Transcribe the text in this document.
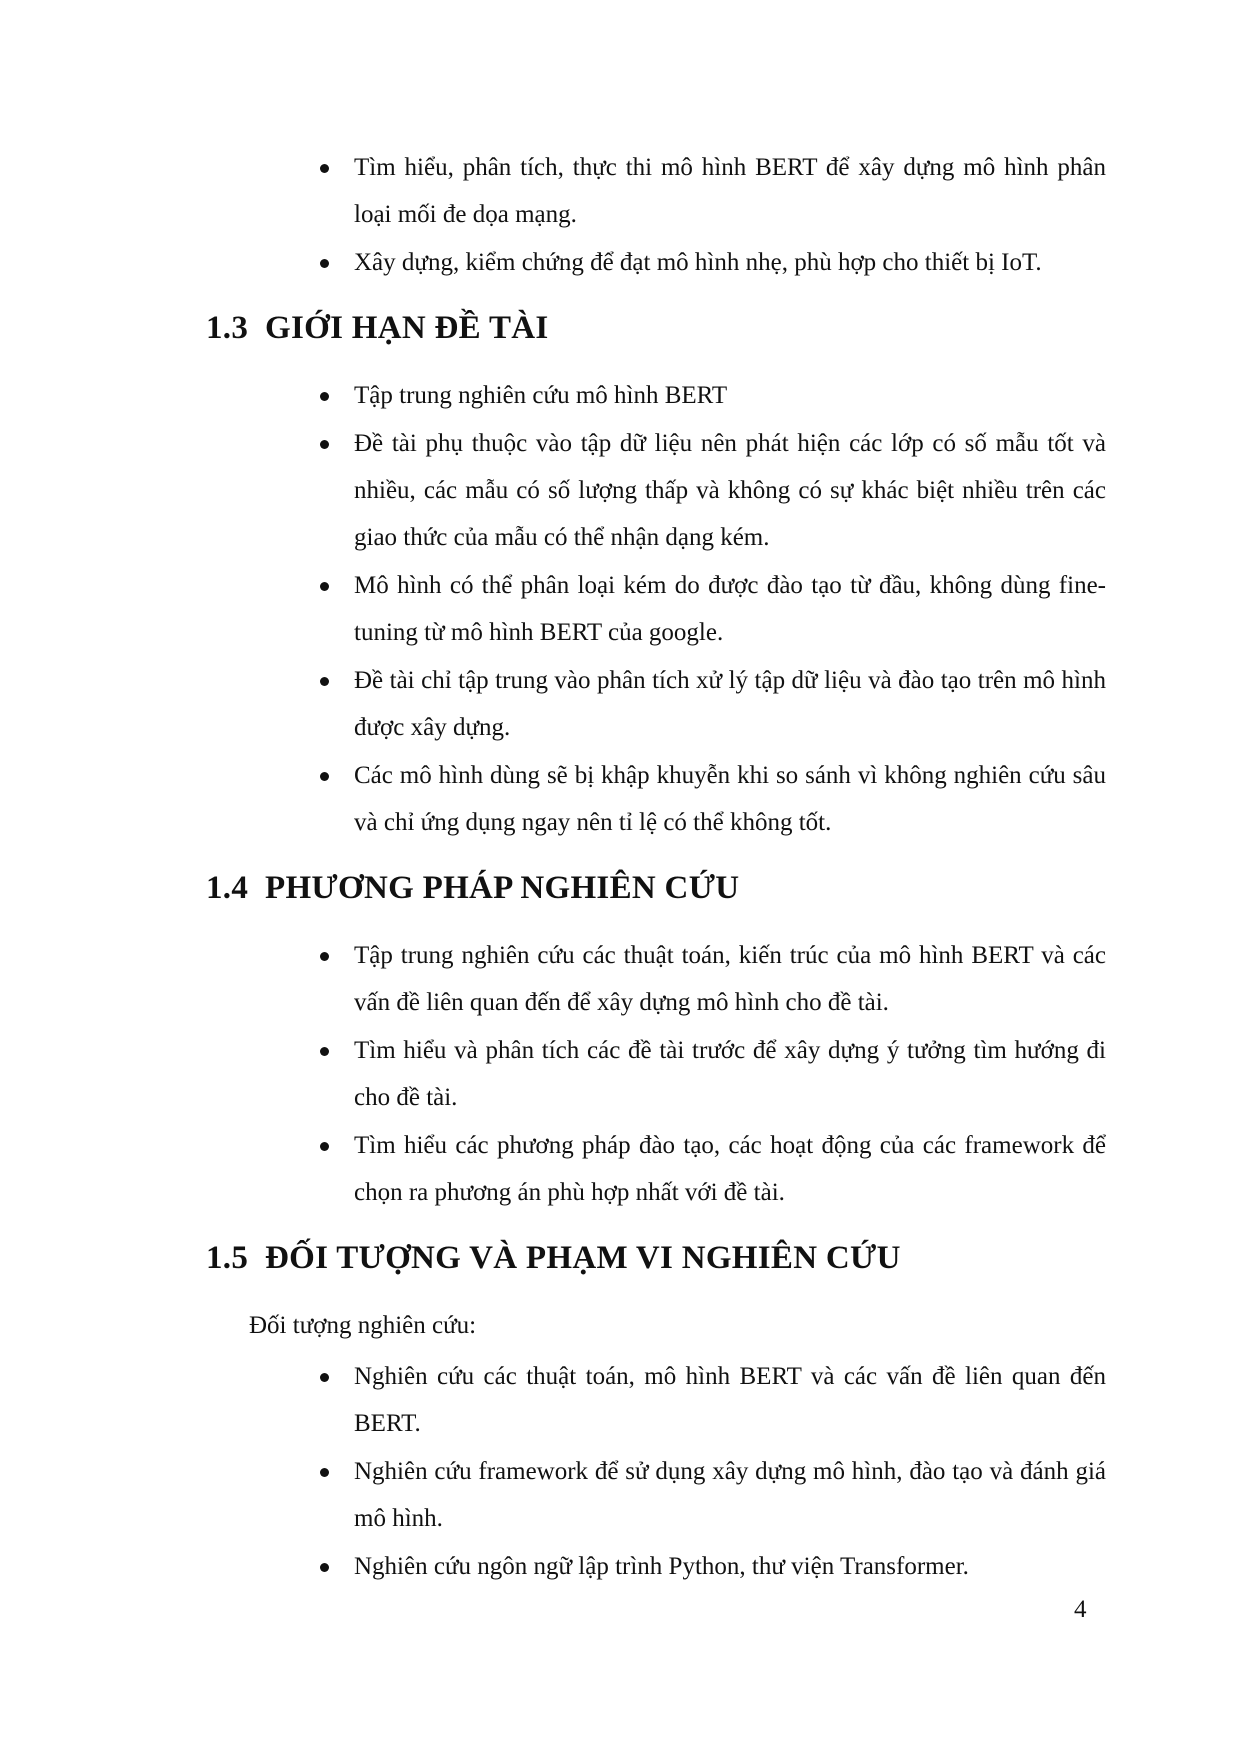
Tìm hiểu, phân tích, thực thi mô hình BERT để xây dựng mô hình phân loại mối đe dọa mạng.
Xây dựng, kiểm chứng để đạt mô hình nhẹ, phù hợp cho thiết bị IoT.
1.3 GIỚI HẠN ĐỀ TÀI
Tập trung nghiên cứu mô hình BERT
Đề tài phụ thuộc vào tập dữ liệu nên phát hiện các lớp có số mẫu tốt và nhiều, các mẫu có số lượng thấp và không có sự khác biệt nhiều trên các giao thức của mẫu có thể nhận dạng kém.
Mô hình có thể phân loại kém do được đào tạo từ đầu, không dùng fine-tuning từ mô hình BERT của google.
Đề tài chỉ tập trung vào phân tích xử lý tập dữ liệu và đào tạo trên mô hình được xây dựng.
Các mô hình dùng sẽ bị khập khuyễn khi so sánh vì không nghiên cứu sâu và chỉ ứng dụng ngay nên tỉ lệ có thể không tốt.
1.4 PHƯƠNG PHÁP NGHIÊN CỨU
Tập trung nghiên cứu các thuật toán, kiến trúc của mô hình BERT và các vấn đề liên quan đến để xây dựng mô hình cho đề tài.
Tìm hiểu và phân tích các đề tài trước để xây dựng ý tưởng tìm hướng đi cho đề tài.
Tìm hiểu các phương pháp đào tạo, các hoạt động của các framework để chọn ra phương án phù hợp nhất với đề tài.
1.5 ĐỐI TƯỢNG VÀ PHẠM VI NGHIÊN CỨU

Đối tượng nghiên cứu:

Nghiên cứu các thuật toán, mô hình BERT và các vấn đề liên quan đến BERT.
Nghiên cứu framework để sử dụng xây dựng mô hình, đào tạo và đánh giá mô hình.
Nghiên cứu ngôn ngữ lập trình Python, thư viện Transformer.
4
